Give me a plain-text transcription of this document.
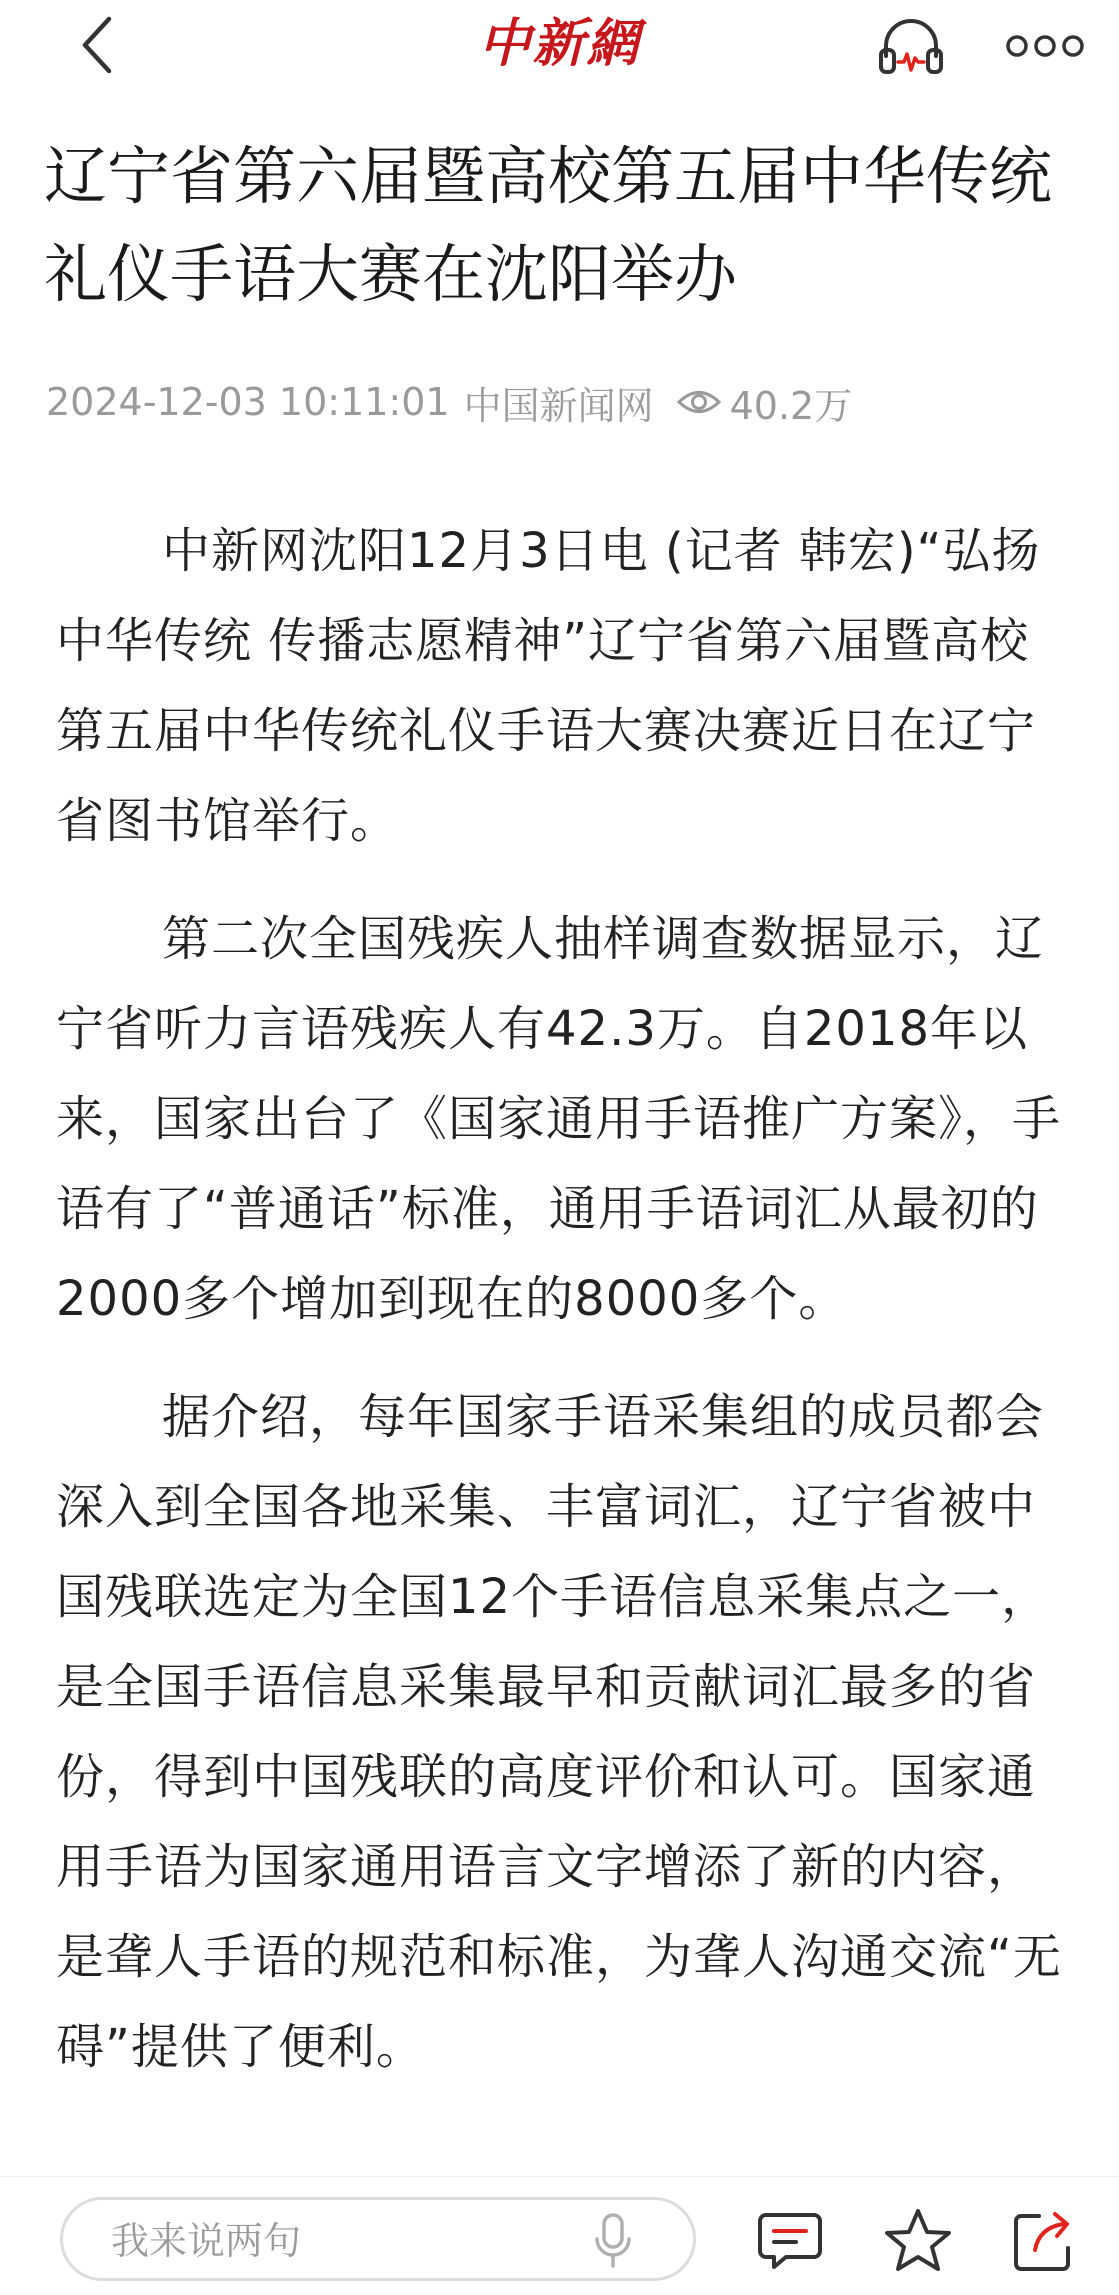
中新網
辽宁省第六届暨高校第五届中华传统礼仪手语大赛在沈阳举办
2024-12-03 10:11:01 中国新闻网 40.2万

中新网沈阳12月3日电 (记者 韩宏)“弘扬中华传统 传播志愿精神”辽宁省第六届暨高校第五届中华传统礼仪手语大赛决赛近日在辽宁省图书馆举行。

第二次全国残疾人抽样调查数据显示，辽宁省听力言语残疾人有42.3万。自2018年以来，国家出台了《国家通用手语推广方案》，手语有了“普通话”标准，通用手语词汇从最初的2000多个增加到现在的8000多个。

据介绍，每年国家手语采集组的成员都会深入到全国各地采集、丰富词汇，辽宁省被中国残联选定为全国12个手语信息采集点之一，是全国手语信息采集最早和贡献词汇最多的省份，得到中国残联的高度评价和认可。国家通用手语为国家通用语言文字增添了新的内容，是聋人手语的规范和标准，为聋人沟通交流“无碍”提供了便利。

我来说两句
